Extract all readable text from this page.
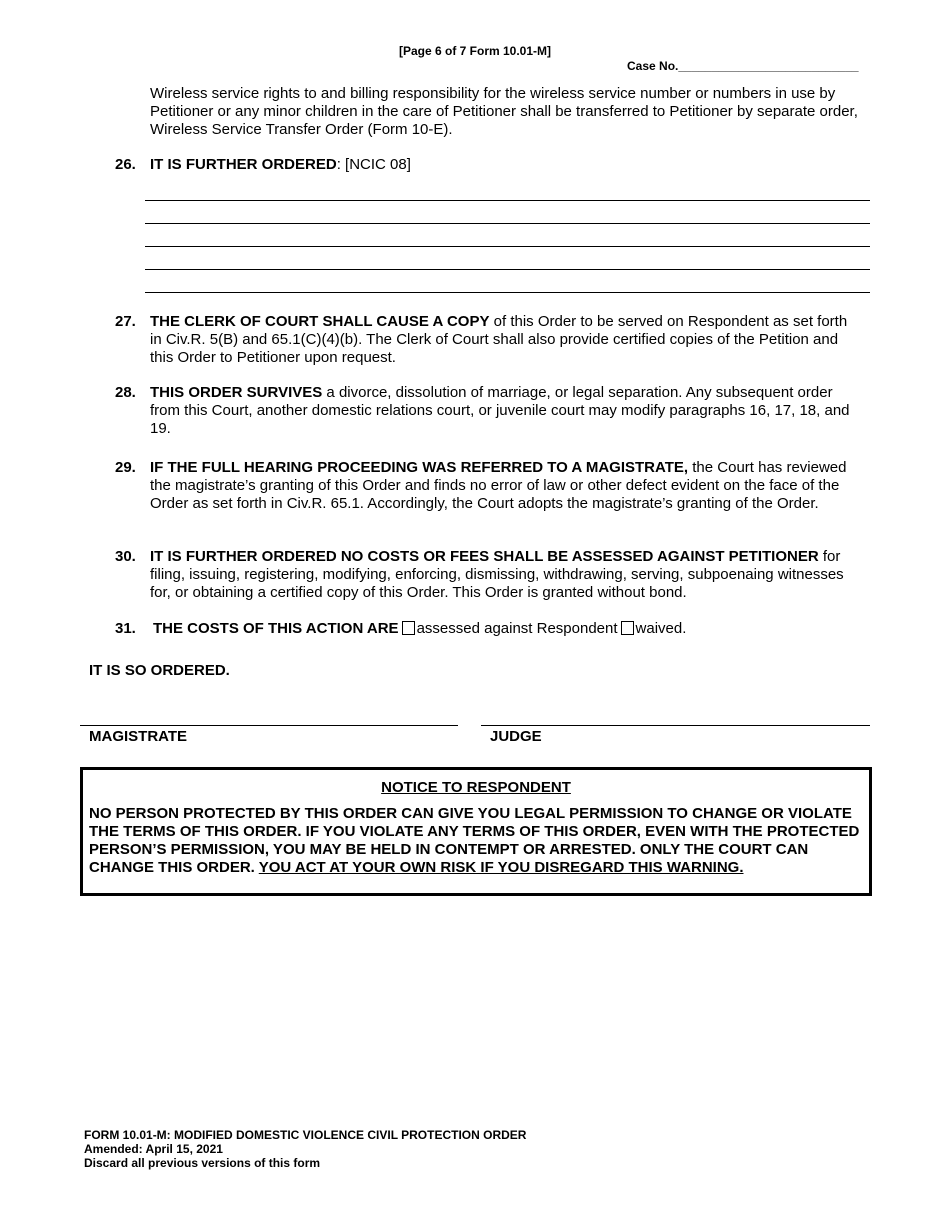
[Page 6 of 7 Form 10.01-M]
Case No.___________________________
Wireless service rights to and billing responsibility for the wireless service number or numbers in use by Petitioner or any minor children in the care of Petitioner shall be transferred to Petitioner by separate order, Wireless Service Transfer Order (Form 10-E).
26. IT IS FURTHER ORDERED: [NCIC 08]
27. THE CLERK OF COURT SHALL CAUSE A COPY of this Order to be served on Respondent as set forth in Civ.R. 5(B) and 65.1(C)(4)(b). The Clerk of Court shall also provide certified copies of the Petition and this Order to Petitioner upon request.
28. THIS ORDER SURVIVES a divorce, dissolution of marriage, or legal separation. Any subsequent order from this Court, another domestic relations court, or juvenile court may modify paragraphs 16, 17, 18, and 19.
29. IF THE FULL HEARING PROCEEDING WAS REFERRED TO A MAGISTRATE, the Court has reviewed the magistrate’s granting of this Order and finds no error of law or other defect evident on the face of the Order as set forth in Civ.R. 65.1. Accordingly, the Court adopts the magistrate’s granting of the Order.
30. IT IS FURTHER ORDERED NO COSTS OR FEES SHALL BE ASSESSED AGAINST PETITIONER for filing, issuing, registering, modifying, enforcing, dismissing, withdrawing, serving, subpoenaing witnesses for, or obtaining a certified copy of this Order. This Order is granted without bond.
31. THE COSTS OF THIS ACTION ARE assessed against Respondent waived.
IT IS SO ORDERED.
MAGISTRATE	JUDGE
NOTICE TO RESPONDENT
NO PERSON PROTECTED BY THIS ORDER CAN GIVE YOU LEGAL PERMISSION TO CHANGE OR VIOLATE THE TERMS OF THIS ORDER. IF YOU VIOLATE ANY TERMS OF THIS ORDER, EVEN WITH THE PROTECTED PERSON’S PERMISSION, YOU MAY BE HELD IN CONTEMPT OR ARRESTED. ONLY THE COURT CAN CHANGE THIS ORDER. YOU ACT AT YOUR OWN RISK IF YOU DISREGARD THIS WARNING.
FORM 10.01-M: MODIFIED DOMESTIC VIOLENCE CIVIL PROTECTION ORDER
Amended: April 15, 2021
Discard all previous versions of this form
